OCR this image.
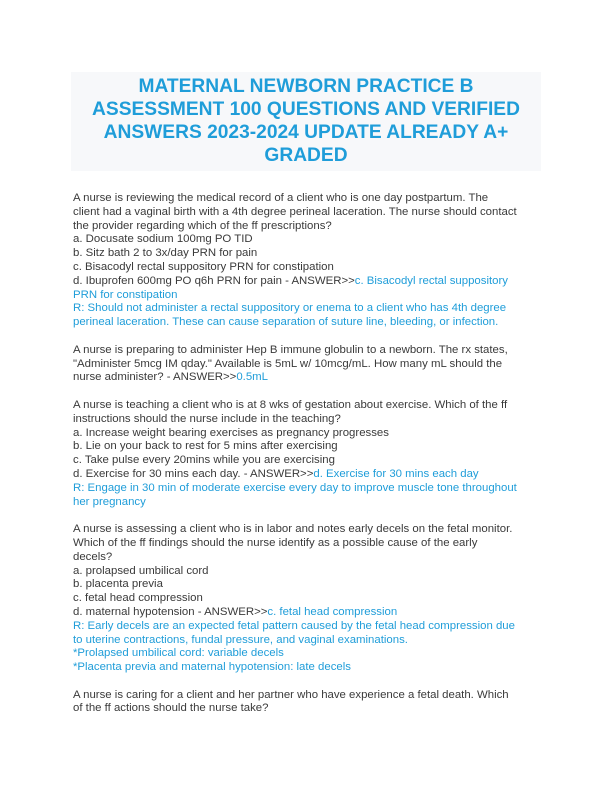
MATERNAL NEWBORN PRACTICE B
ASSESSMENT 100 QUESTIONS AND VERIFIED
ANSWERS 2023-2024 UPDATE ALREADY A+
GRADED
A nurse is reviewing the medical record of a client who is one day postpartum. The
client had a vaginal birth with a 4th degree perineal laceration. The nurse should contact
the provider regarding which of the ff prescriptions?
a. Docusate sodium 100mg PO TID
b. Sitz bath 2 to 3x/day PRN for pain
c. Bisacodyl rectal suppository PRN for constipation
d. Ibuprofen 600mg PO q6h PRN for pain - ANSWER>>c. Bisacodyl rectal suppository
PRN for constipation
R: Should not administer a rectal suppository or enema to a client who has 4th degree
perineal laceration. These can cause separation of suture line, bleeding, or infection.
A nurse is preparing to administer Hep B immune globulin to a newborn. The rx states,
"Administer 5mcg IM qday." Available is 5mL w/ 10mcg/mL. How many mL should the
nurse administer? - ANSWER>>0.5mL
A nurse is teaching a client who is at 8 wks of gestation about exercise. Which of the ff
instructions should the nurse include in the teaching?
a. Increase weight bearing exercises as pregnancy progresses
b. Lie on your back to rest for 5 mins after exercising
c. Take pulse every 20mins while you are exercising
d. Exercise for 30 mins each day. - ANSWER>>d. Exercise for 30 mins each day
R: Engage in 30 min of moderate exercise every day to improve muscle tone throughout
her pregnancy
A nurse is assessing a client who is in labor and notes early decels on the fetal monitor.
Which of the ff findings should the nurse identify as a possible cause of the early
decels?
a. prolapsed umbilical cord
b. placenta previa
c. fetal head compression
d. maternal hypotension - ANSWER>>c. fetal head compression
R: Early decels are an expected fetal pattern caused by the fetal head compression due
to uterine contractions, fundal pressure, and vaginal examinations.
*Prolapsed umbilical cord: variable decels
*Placenta previa and maternal hypotension: late decels
A nurse is caring for a client and her partner who have experience a fetal death. Which
of the ff actions should the nurse take?
